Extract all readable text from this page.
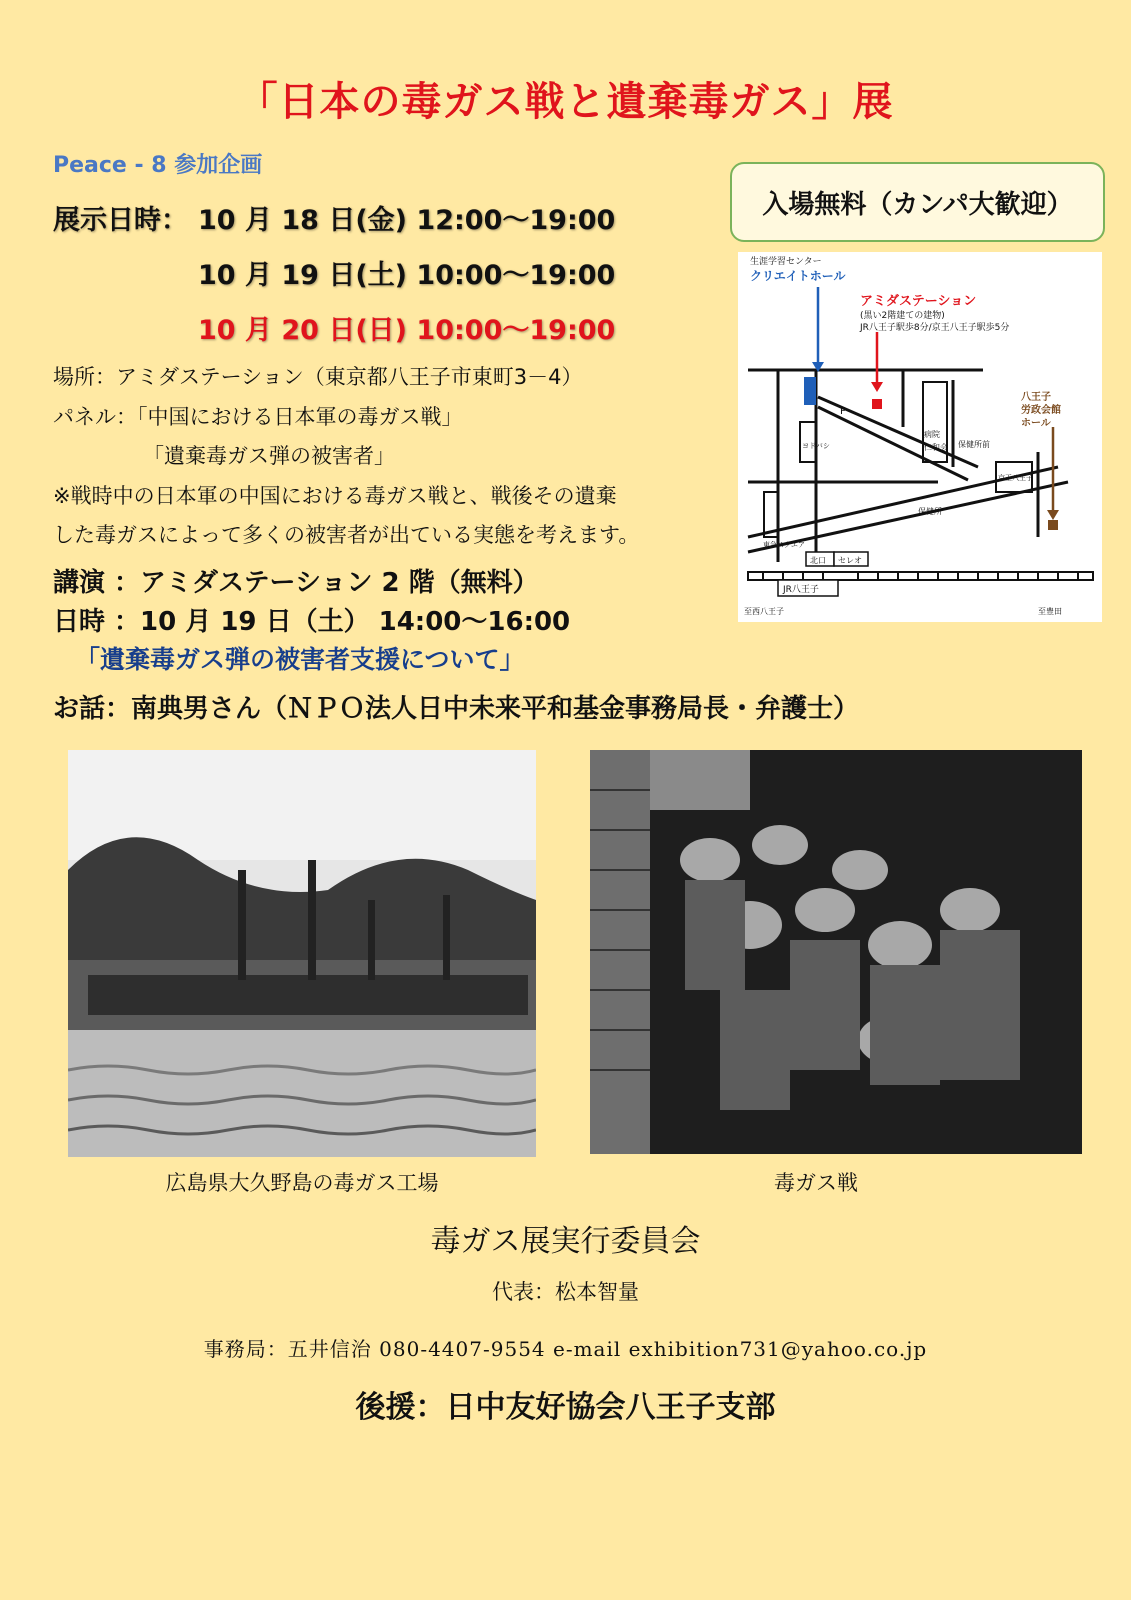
「日本の毒ガス戦と遺棄毒ガス」展
Peace - 8 参加企画
展示日時： 10 月 18 日(金) 12:00～19:00
10 月 19 日(土) 10:00～19:00
10 月 20 日(日) 10:00～19:00
入場無料（カンパ大歓迎）
生涯学習センター
クリエイトホール
アミダステーション
(黒い2階建ての建物)
JR八王子駅歩8分/京王八王子駅歩5分
八王子
労政会館
ホール
P
ヨドバシ
病院
仁和会 保健所前
京王八王子
保健所
東急スクエア
北口 セレオ
JR八王子
至西八王子	至豊田
場所：アミダステーション（東京都八王子市東町3－4）
パネル：「中国における日本軍の毒ガス戦」
「遺棄毒ガス弾の被害者」
※戦時中の日本軍の中国における毒ガス戦と、戦後その遺棄
した毒ガスによって多くの被害者が出ている実態を考えます。
講演 ：アミダステーション 2 階（無料）
日時 ：10 月 19 日（土） 14:00～16:00
「遺棄毒ガス弾の被害者支援について」
お話：南典男さん（ＮＰＯ法人日中未来平和基金事務局長・弁護士）
広島県大久野島の毒ガス工場	毒ガス戦
毒ガス展実行委員会
代表：松本智量
事務局：五井信治 080-4407-9554 e-mail exhibition731@yahoo.co.jp
後援：日中友好協会八王子支部
